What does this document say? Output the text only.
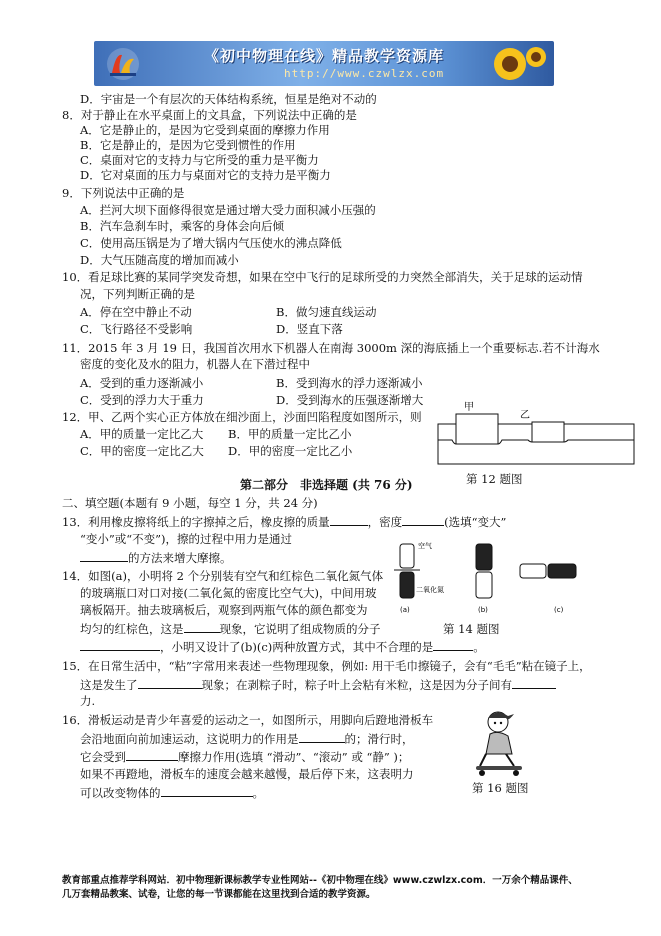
《初中物理在线》精品教学资源库
http://www.czwlzx.com
D．宇宙是一个有层次的天体结构系统，恒星是绝对不动的
8．对于静止在水平桌面上的文具盒，下列说法中正确的是
A．它是静止的，是因为它受到桌面的摩擦力作用
B．它是静止的，是因为它受到惯性的作用
C．桌面对它的支持力与它所受的重力是平衡力
D．它对桌面的压力与桌面对它的支持力是平衡力
9．下列说法中正确的是
A．拦河大坝下面修得很宽是通过增大受力面积减小压强的
B．汽车急刹车时，乘客的身体会向后倾
C．使用高压锅是为了增大锅内气压使水的沸点降低
D．大气压随高度的增加而减小
10．看足球比赛的某同学突发奇想，如果在空中飞行的足球所受的力突然全部消失，关于足球的运动情
况，下列判断正确的是
A．停在空中静止不动	B．做匀速直线运动
C．飞行路径不受影响	D．竖直下落
11．2015 年 3 月 19 日，我国首次用水下机器人在南海 3000m 深的海底插上一个重要标志.若不计海水
密度的变化及水的阻力，机器人在下潜过程中
A．受到的重力逐渐减小	B．受到海水的浮力逐渐减小
C．受到的浮力大于重力	D．受到海水的压强逐渐增大
12．甲、乙两个实心正方体放在细沙面上，沙面凹陷程度如图所示，则
A．甲的质量一定比乙大 B．甲的质量一定比乙小
C．甲的密度一定比乙大 D．甲的密度一定比乙小
第二部分　非选择题 (共 76 分)
二、填空题(本题有 9 小题，每空 1 分，共 24 分)
13．利用橡皮擦将纸上的字擦掉之后，橡皮擦的质量	，密度	(选填“变大”
“变小”或“不变”)，擦的过程中用力是通过
的方法来增大摩擦。
14．如图(a)，小明将 2 个分别装有空气和红棕色二氧化氮气体
的玻璃瓶口对口对接(二氧化氮的密度比空气大)，中间用玻
璃板隔开。抽去玻璃板后，观察到两瓶气体的颜色都变为
均匀的红棕色，这是	现象，它说明了组成物质的分子
，小明又设计了(b)(c)两种放置方式，其中不合理的是	。
15．在日常生活中，“粘”字常用来表述一些物理现象，例如: 用干毛巾擦镜子，会有“毛毛”粘在镜子上，
这是发生了	现象；在剥粽子时，粽子叶上会粘有米粒，这是因为分子间有
力.
16．滑板运动是青少年喜爱的运动之一，如图所示，用脚向后蹬地滑板车
会沿地面向前加速运动，这说明力的作用是	的；滑行时，
它会受到	摩擦力作用(选填 “滑动”、“滚动” 或 “静” )；
如果不再蹬地，滑板车的速度会越来越慢，最后停下来，这表明力
可以改变物体的	。
甲
乙
第 12 题图
空气
二氧化氮
(a)	(b)	(c)
第 14 题图
第 16 题图
教育部重点推荐学科网站．初中物理新课标教学专业性网站--《初中物理在线》www.czwlzx.com．一万余个精品课件、
几万套精品教案、试卷，让您的每一节课都能在这里找到合适的教学资源。
